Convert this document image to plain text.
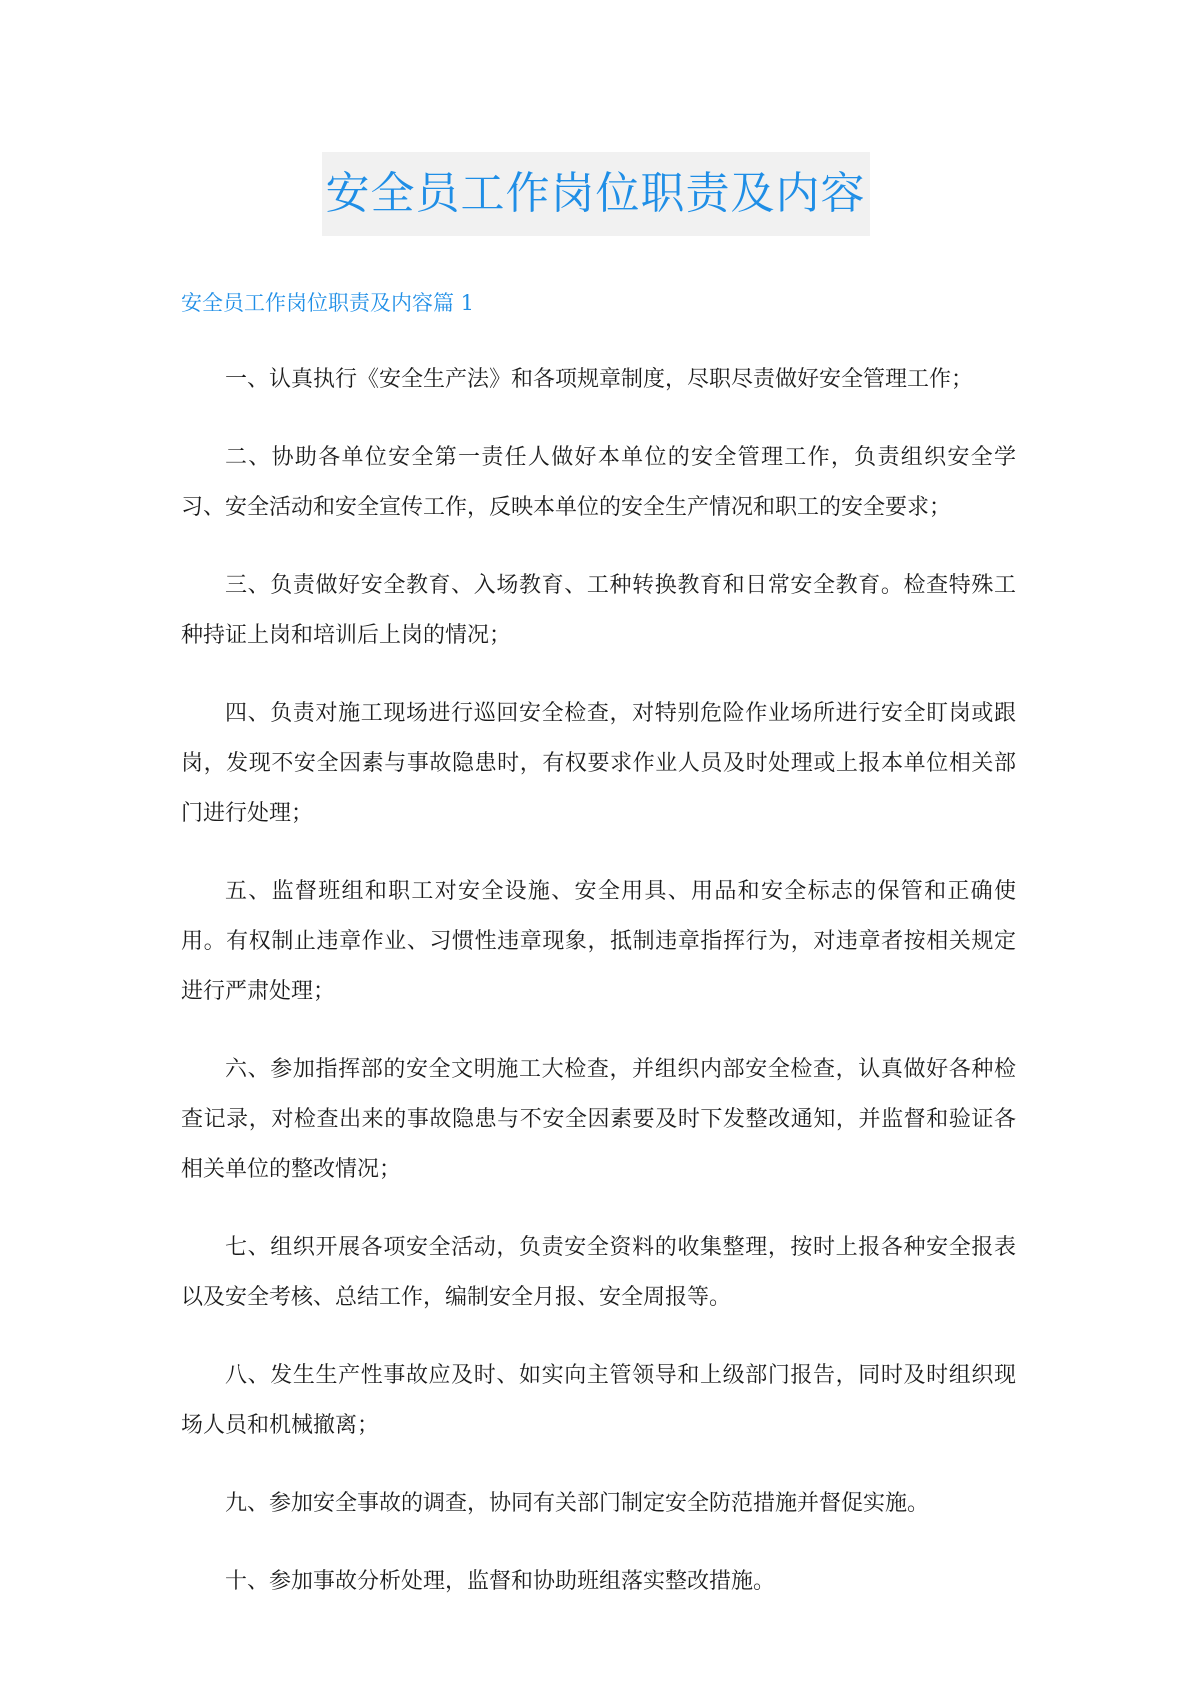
安全员工作岗位职责及内容
安全员工作岗位职责及内容篇 1

一、认真执行《安全生产法》和各项规章制度，尽职尽责做好安全管理工作；

二、协助各单位安全第一责任人做好本单位的安全管理工作，负责组织安全学习、安全活动和安全宣传工作，反映本单位的安全生产情况和职工的安全要求；

三、负责做好安全教育、入场教育、工种转换教育和日常安全教育。检查特殊工种持证上岗和培训后上岗的情况；

四、负责对施工现场进行巡回安全检查，对特别危险作业场所进行安全盯岗或跟岗，发现不安全因素与事故隐患时，有权要求作业人员及时处理或上报本单位相关部门进行处理；

五、监督班组和职工对安全设施、安全用具、用品和安全标志的保管和正确使用。有权制止违章作业、习惯性违章现象，抵制违章指挥行为，对违章者按相关规定进行严肃处理；

六、参加指挥部的安全文明施工大检查，并组织内部安全检查，认真做好各种检查记录，对检查出来的事故隐患与不安全因素要及时下发整改通知，并监督和验证各相关单位的整改情况；

七、组织开展各项安全活动，负责安全资料的收集整理，按时上报各种安全报表以及安全考核、总结工作，编制安全月报、安全周报等。

八、发生生产性事故应及时、如实向主管领导和上级部门报告，同时及时组织现场人员和机械撤离；

九、参加安全事故的调查，协同有关部门制定安全防范措施并督促实施。

十、参加事故分析处理，监督和协助班组落实整改措施。
